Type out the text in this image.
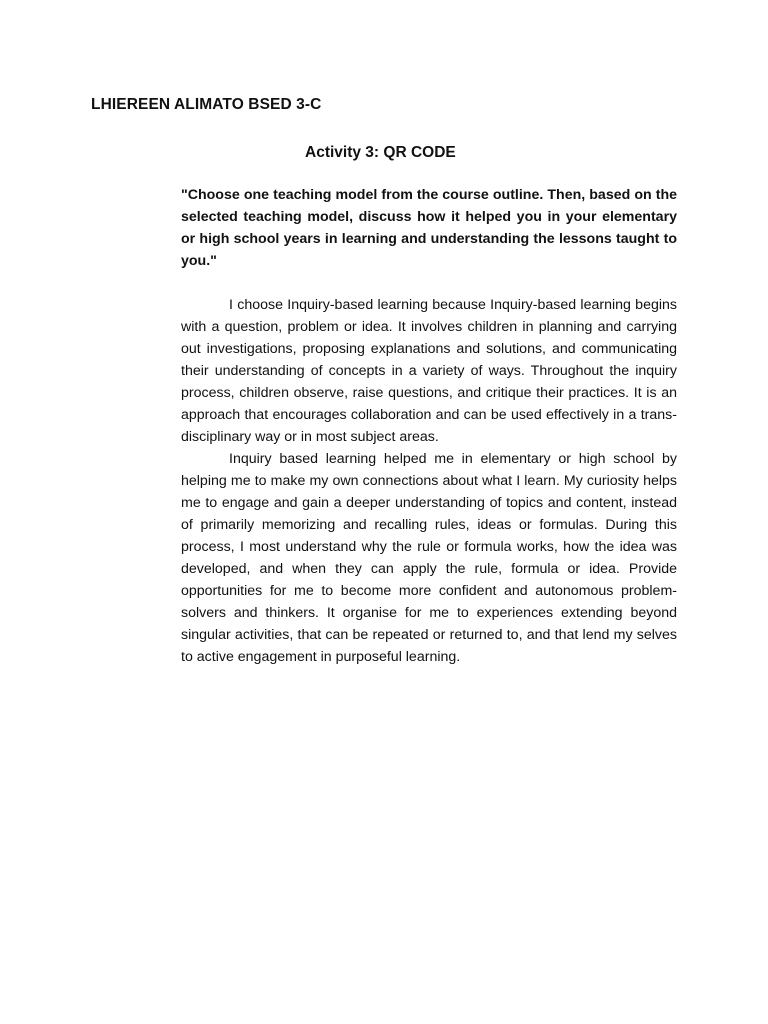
LHIEREEN ALIMATO BSED 3-C
Activity 3: QR CODE

"Choose one teaching model from the course outline. Then, based on the selected teaching model, discuss how it helped you in your elementary or high school years in learning and understanding the lessons taught to you."

I choose Inquiry-based learning because Inquiry-based learning begins with a question, problem or idea. It involves children in planning and carrying out investigations, proposing explanations and solutions, and communicating their understanding of concepts in a variety of ways. Throughout the inquiry process, children observe, raise questions, and critique their practices. It is an approach that encourages collaboration and can be used effectively in a trans-disciplinary way or in most subject areas.

Inquiry based learning helped me in elementary or high school by helping me to make my own connections about what I learn. My curiosity helps me to engage and gain a deeper understanding of topics and content, instead of primarily memorizing and recalling rules, ideas or formulas. During this process, I most understand why the rule or formula works, how the idea was developed, and when they can apply the rule, formula or idea. Provide opportunities for me to become more confident and autonomous problem-solvers and thinkers. It organise for me to experiences extending beyond singular activities, that can be repeated or returned to, and that lend my selves to active engagement in purposeful learning.
